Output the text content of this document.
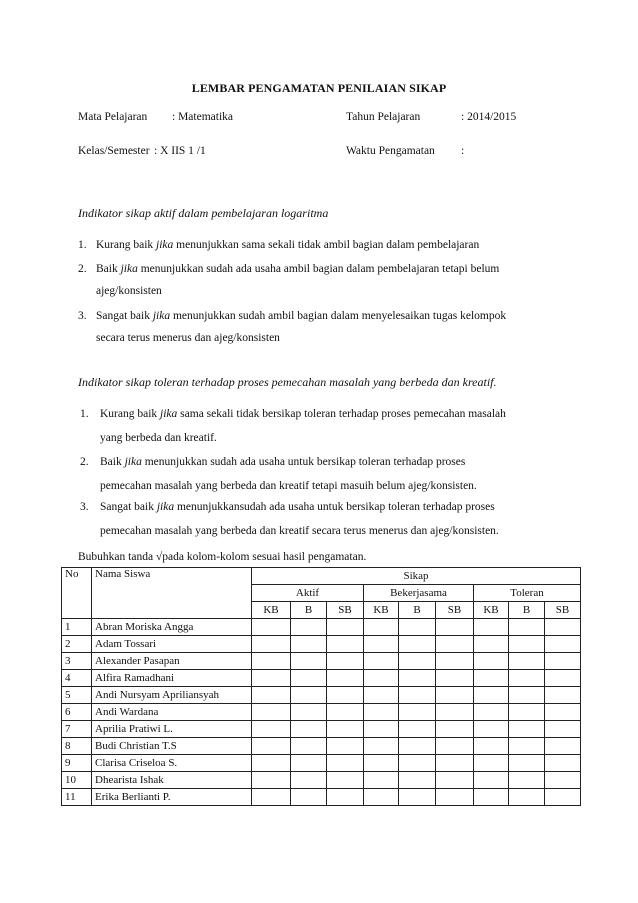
LEMBAR PENGAMATAN PENILAIAN SIKAP
Mata Pelajaran : Matematika	Tahun Pelajaran	: 2014/2015
Kelas/Semester : X IIS 1 /1	Waktu Pengamatan :
Indikator sikap aktif dalam pembelajaran logaritma
1. Kurang baik jika menunjukkan sama sekali tidak ambil bagian dalam pembelajaran
2. Baik jika menunjukkan sudah ada usaha ambil bagian dalam pembelajaran tetapi belum
ajeg/konsisten
3. Sangat baik jika menunjukkan sudah ambil bagian dalam menyelesaikan tugas kelompok
secara terus menerus dan ajeg/konsisten
Indikator sikap toleran terhadap proses pemecahan masalah yang berbeda dan kreatif.
1. Kurang baik jika sama sekali tidak bersikap toleran terhadap proses pemecahan masalah
yang berbeda dan kreatif.
2. Baik jika menunjukkan sudah ada usaha untuk bersikap toleran terhadap proses
pemecahan masalah yang berbeda dan kreatif tetapi masuih belum ajeg/konsisten.
3. Sangat baik jika menunjukkansudah ada usaha untuk bersikap toleran terhadap proses
pemecahan masalah yang berbeda dan kreatif secara terus menerus dan ajeg/konsisten.
Bubuhkan tanda √pada kolom-kolom sesuai hasil pengamatan.
No	Nama Siswa	Sikap								
		Aktif			Bekerjasama			Toleran		
		KB	B	SB	KB	B	SB	KB	B	SB
1	Abran Moriska Angga									
2	Adam Tossari									
3	Alexander Pasapan									
4	Alfira Ramadhani									
5	Andi Nursyam Apriliansyah									
6	Andi Wardana									
7	Aprilia Pratiwi L.									
8	Budi Christian T.S									
9	Clarisa Criseloa S.									
10	Dhearista Ishak									
11	Erika Berlianti P.									
